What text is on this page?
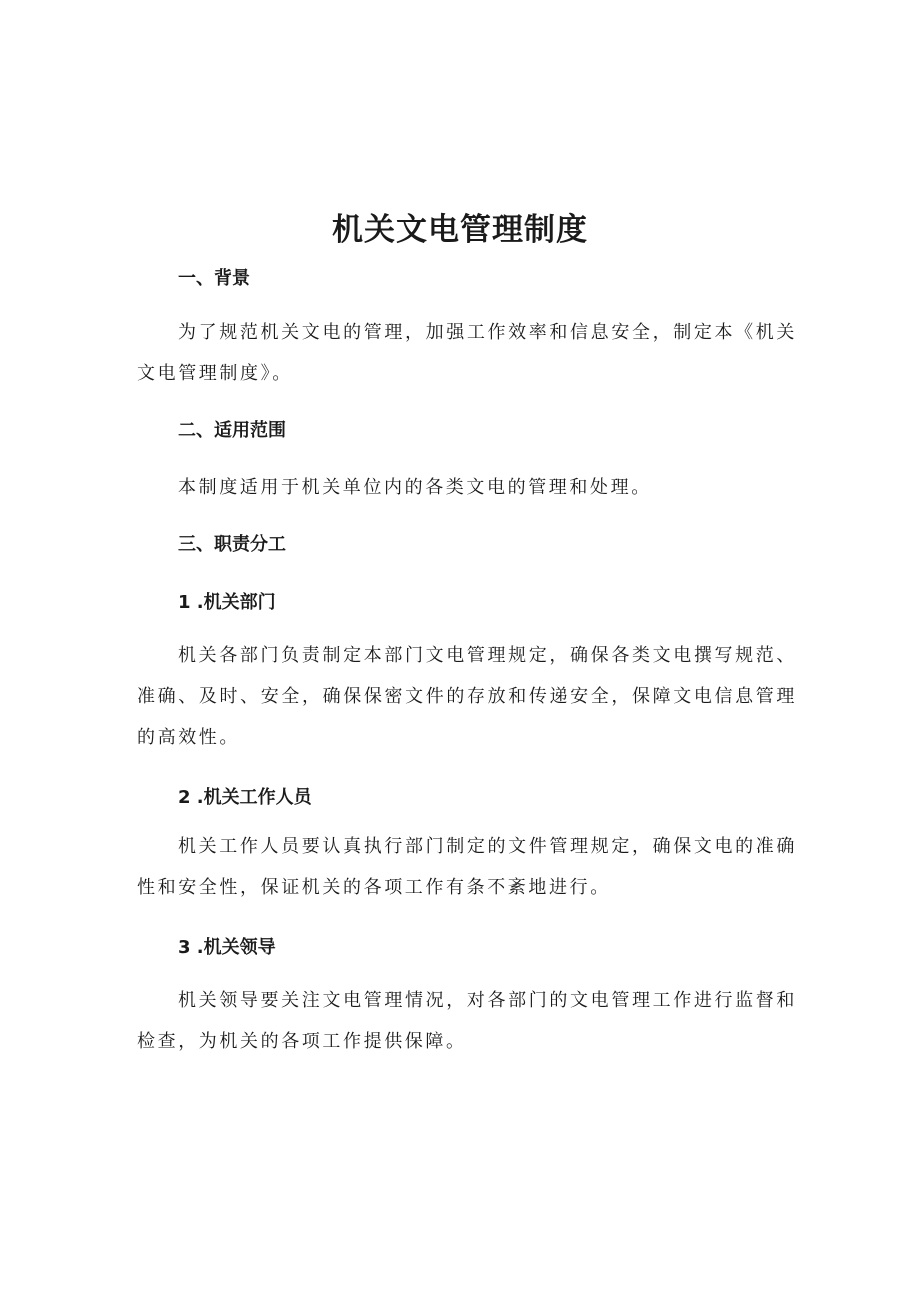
机关文电管理制度
一、背景
为了规范机关文电的管理，加强工作效率和信息安全，制定本《机关文电管理制度》。
二、适用范围
本制度适用于机关单位内的各类文电的管理和处理。
三、职责分工
1 .机关部门
机关各部门负责制定本部门文电管理规定，确保各类文电撰写规范、准确、及时、安全，确保保密文件的存放和传递安全，保障文电信息管理的高效性。
2 .机关工作人员
机关工作人员要认真执行部门制定的文件管理规定，确保文电的准确性和安全性，保证机关的各项工作有条不紊地进行。
3 .机关领导
机关领导要关注文电管理情况，对各部门的文电管理工作进行监督和检查，为机关的各项工作提供保障。
